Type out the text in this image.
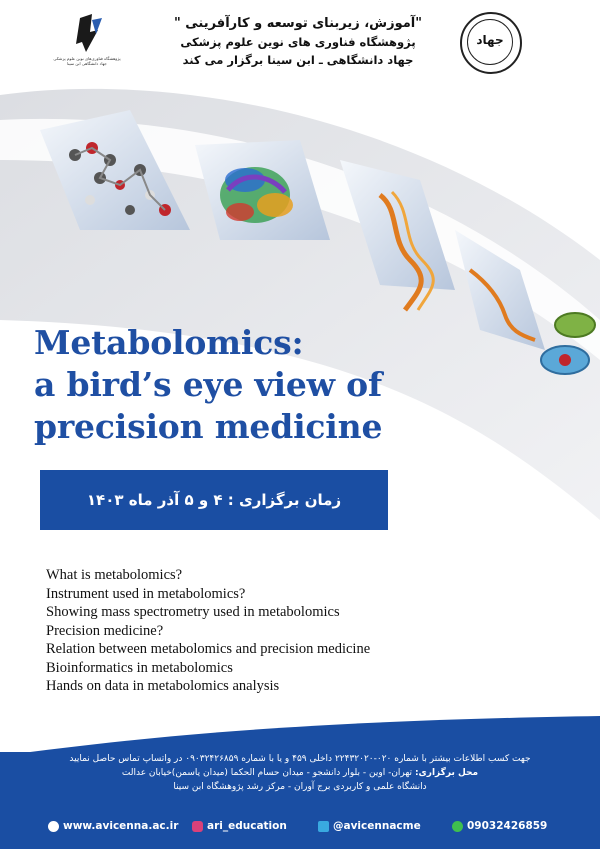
پژوهشگاه فناوری‌های نوین علوم پزشکی جهاد دانشگاهی ابن سینا
"آموزش، زیربنای توسعه و کارآفرینی "
پژوهشگاه فناوری های نوین علوم پزشکی
جهاد دانشگاهی ـ ابن سینا برگزار می کند
جهاد
Metabolomics:
a bird’s eye view of
precision medicine
زمان برگزاری : ۴ و ۵ آذر ماه ۱۴۰۳
What is metabolomics?
Instrument used in metabolomics?
Showing mass spectrometry used in metabolomics
Precision medicine?
Relation between metabolomics and precision medicine
Bioinformatics in metabolomics
Hands on data in metabolomics analysis
جهت کسب اطلاعات بیشتر با شماره ۰۲۰-۲۲۴۳۲۰۲۰ داخلی ۴۵۹ و یا با شماره ۰۹۰۳۲۴۲۶۸۵۹ در واتساپ تماس حاصل نمایید
محل برگزاری: تهران- اوین - بلوار دانشجو - میدان حسام الحکما (میدان یاسمن)خیابان عدالت
دانشگاه علمی و کاربردی برج آوران - مرکز رشد پژوهشگاه ابن سینا
www.avicenna.ac.ir	ari_education	@avicennacme	09032426859
